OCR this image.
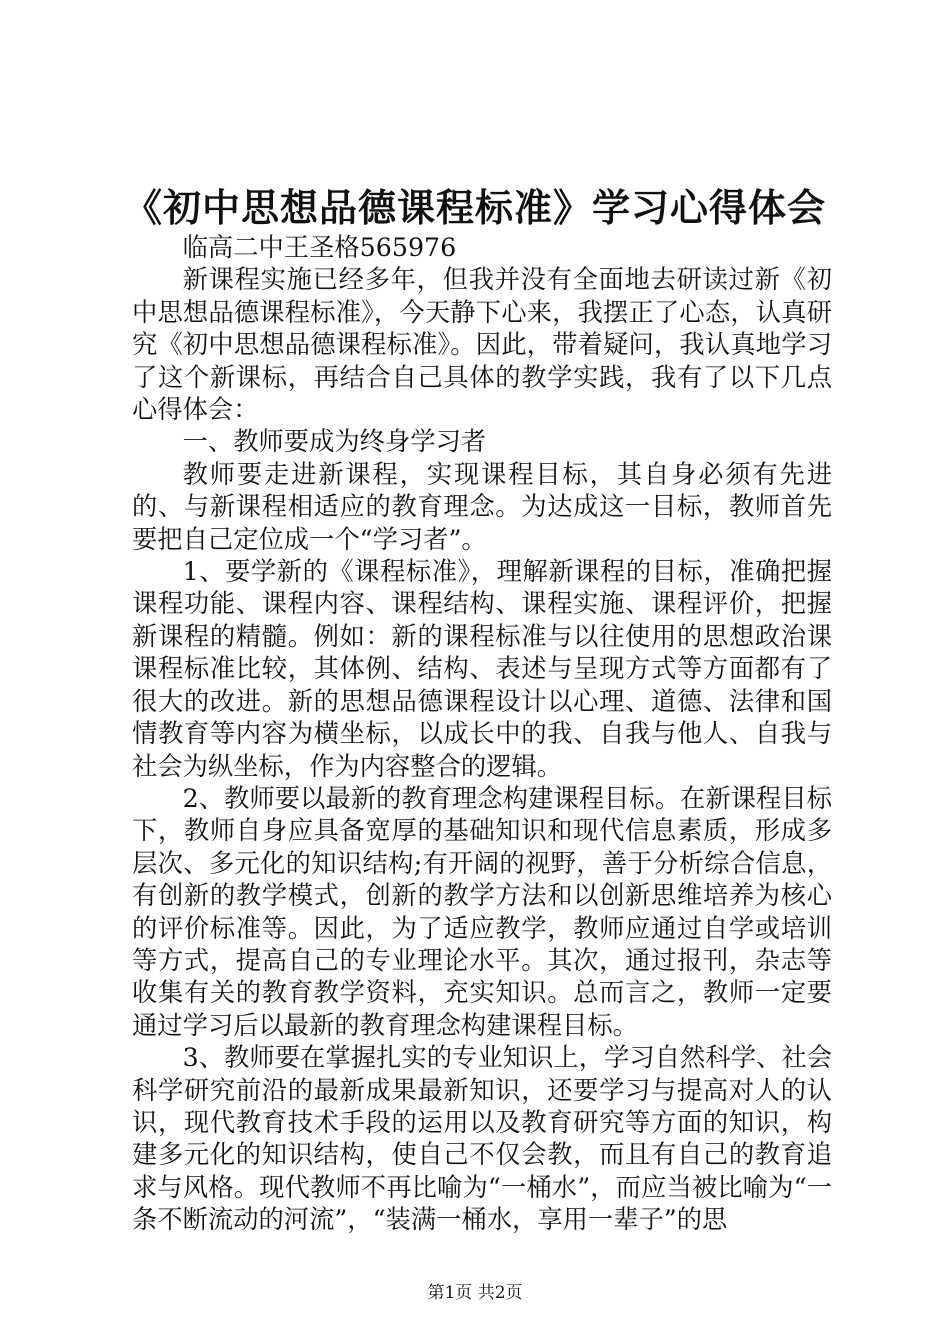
《初中思想品德课程标准》学习心得体会

临高二中王圣格565976

新课程实施已经多年，但我并没有全面地去研读过新《初中思想品德课程标准》，今天静下心来，我摆正了心态，认真研究《初中思想品德课程标准》。因此，带着疑问，我认真地学习了这个新课标，再结合自己具体的教学实践，我有了以下几点心得体会：

一、教师要成为终身学习者

教师要走进新课程，实现课程目标，其自身必须有先进的、与新课程相适应的教育理念。为达成这一目标，教师首先要把自己定位成一个“学习者”。

1、要学新的《课程标准》，理解新课程的目标，准确把握课程功能、课程内容、课程结构、课程实施、课程评价，把握新课程的精髓。例如：新的课程标准与以往使用的思想政治课课程标准比较，其体例、结构、表述与呈现方式等方面都有了很大的改进。新的思想品德课程设计以心理、道德、法律和国情教育等内容为横坐标，以成长中的我、自我与他人、自我与社会为纵坐标，作为内容整合的逻辑。

2、教师要以最新的教育理念构建课程目标。在新课程目标下，教师自身应具备宽厚的基础知识和现代信息素质，形成多层次、多元化的知识结构;有开阔的视野，善于分析综合信息，有创新的教学模式，创新的教学方法和以创新思维培养为核心的评价标准等。因此，为了适应教学，教师应通过自学或培训等方式，提高自己的专业理论水平。其次，通过报刊，杂志等收集有关的教育教学资料，充实知识。总而言之，教师一定要通过学习后以最新的教育理念构建课程目标。

3、教师要在掌握扎实的专业知识上，学习自然科学、社会科学研究前沿的最新成果最新知识，还要学习与提高对人的认识，现代教育技术手段的运用以及教育研究等方面的知识，构建多元化的知识结构，使自己不仅会教，而且有自己的教育追求与风格。现代教师不再比喻为“一桶水”，而应当被比喻为“一条不断流动的河流”，“装满一桶水，享用一辈子”的思

第1页 共2页
